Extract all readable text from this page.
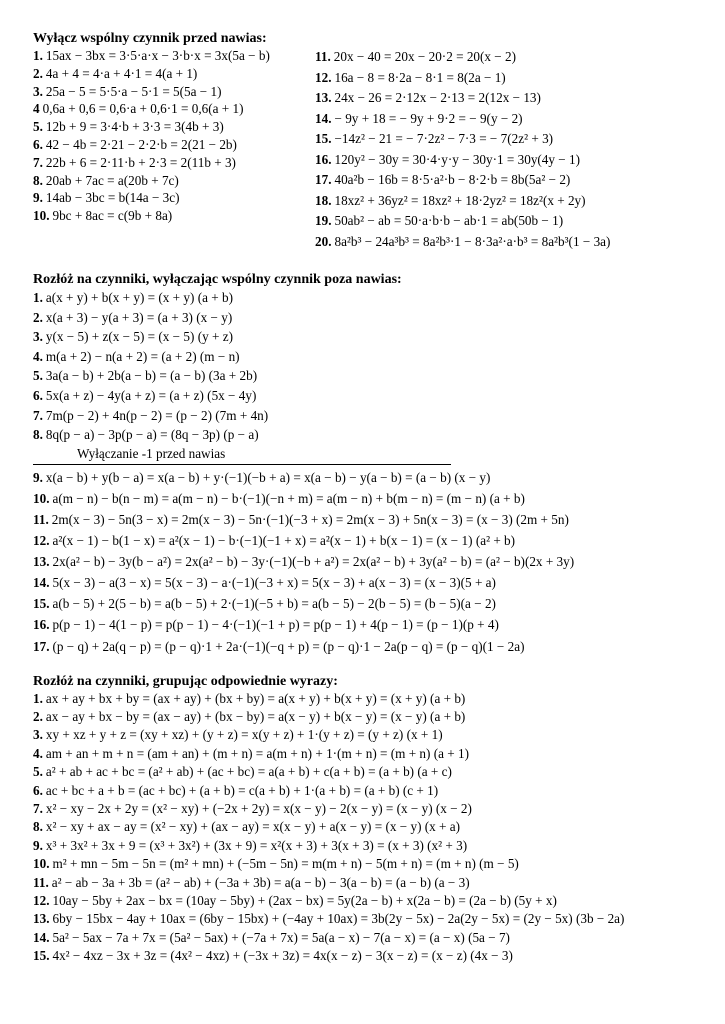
Wyłącz wspólny czynnik przed nawias:
1. 15ax − 3bx = 3·5·a·x − 3·b·x = 3x(5a − b)
2. 4a + 4 = 4·a + 4·1 = 4(a + 1)
3. 25a − 5 = 5·5·a − 5·1 = 5(5a − 1)
4 0,6a + 0,6 = 0,6·a + 0,6·1 = 0,6(a + 1)
5. 12b + 9 = 3·4·b + 3·3 = 3(4b + 3)
6. 42 − 4b = 2·21 − 2·2·b = 2(21 − 2b)
7. 22b + 6 = 2·11·b + 2·3 = 2(11b + 3)
8. 20ab + 7ac = a(20b + 7c)
9. 14ab − 3bc = b(14a − 3c)
10. 9bc + 8ac = c(9b + 8a)
11. 20x − 40 = 20x − 20·2 = 20(x − 2)
12. 16a − 8 = 8·2a − 8·1 = 8(2a − 1)
13. 24x − 26 = 2·12x − 2·13 = 2(12x − 13)
14. − 9y + 18 = − 9y + 9·2 = − 9(y − 2)
15. −14z² − 21 = − 7·2z² − 7·3 = − 7(2z² + 3)
16. 120y² − 30y = 30·4·y·y − 30y·1 = 30y(4y − 1)
17. 40a²b − 16b = 8·5·a²·b − 8·2·b = 8b(5a² − 2)
18. 18xz² + 36yz² = 18xz² + 18·2yz² = 18z²(x + 2y)
19. 50ab² − ab = 50·a·b·b − ab·1 = ab(50b − 1)
20. 8a²b³ − 24a³b³ = 8a²b³·1 − 8·3a²·a·b³ = 8a²b³(1 − 3a)
Rozłóż na czynniki, wyłączając wspólny czynnik poza nawias:
1. a(x + y) + b(x + y) = (x + y) (a + b)
2. x(a + 3) − y(a + 3) = (a + 3) (x − y)
3. y(x − 5) + z(x − 5) = (x − 5) (y + z)
4. m(a + 2) − n(a + 2) = (a + 2) (m − n)
5. 3a(a − b) + 2b(a − b) = (a − b) (3a + 2b)
6. 5x(a + z) − 4y(a + z) = (a + z) (5x − 4y)
7. 7m(p − 2) + 4n(p − 2) = (p − 2) (7m + 4n)
8. 8q(p − a) − 3p(p − a) = (8q − 3p) (p − a)
Wyłączanie -1 przed nawias
9. x(a − b) + y(b − a) = x(a − b) + y·(−1)(−b + a) = x(a − b) − y(a − b) = (a − b) (x − y)
10. a(m − n) − b(n − m) = a(m − n) − b·(−1)(−n + m) = a(m − n) + b(m − n) = (m − n) (a + b)
11. 2m(x − 3) − 5n(3 − x) = 2m(x − 3) − 5n·(−1)(−3 + x) = 2m(x − 3) + 5n(x − 3) = (x − 3) (2m + 5n)
12. a²(x − 1) − b(1 − x) = a²(x − 1) − b·(−1)(−1 + x) = a²(x − 1) + b(x − 1) = (x − 1) (a² + b)
13. 2x(a² − b) − 3y(b − a²) = 2x(a² − b) − 3y·(−1)(−b + a²) = 2x(a² − b) + 3y(a² − b) = (a² − b)(2x + 3y)
14. 5(x − 3) − a(3 − x) = 5(x − 3) − a·(−1)(−3 + x) = 5(x − 3) + a(x − 3) = (x − 3)(5 + a)
15. a(b − 5) + 2(5 − b) = a(b − 5) + 2·(−1)(−5 + b) = a(b − 5) − 2(b − 5) = (b − 5)(a − 2)
16. p(p − 1) − 4(1 − p) = p(p − 1) − 4·(−1)(−1 + p) = p(p − 1) + 4(p − 1) = (p − 1)(p + 4)
17. (p − q) + 2a(q − p) = (p − q)·1 + 2a·(−1)(−q + p) = (p − q)·1 − 2a(p − q) = (p − q)(1 − 2a)
Rozłóż na czynniki, grupując odpowiednie wyrazy:
1. ax + ay + bx + by = (ax + ay) + (bx + by) = a(x + y) + b(x + y) = (x + y) (a + b)
2. ax − ay + bx − by = (ax − ay) + (bx − by) = a(x − y) + b(x − y) = (x − y) (a + b)
3. xy + xz + y + z = (xy + xz) + (y + z) = x(y + z) + 1·(y + z) = (y + z) (x + 1)
4. am + an + m + n = (am + an) + (m + n) = a(m + n) + 1·(m + n) = (m + n) (a + 1)
5. a² + ab + ac + bc = (a² + ab) + (ac + bc) = a(a + b) + c(a + b) = (a + b) (a + c)
6. ac + bc + a + b = (ac + bc) + (a + b) = c(a + b) + 1·(a + b) = (a + b) (c + 1)
7. x² − xy − 2x + 2y = (x² − xy) + (−2x + 2y) = x(x − y) − 2(x − y) = (x − y) (x − 2)
8. x² − xy + ax − ay = (x² − xy) + (ax − ay) = x(x − y) + a(x − y) = (x − y) (x + a)
9. x³ + 3x² + 3x + 9 = (x³ + 3x²) + (3x + 9) = x²(x + 3) + 3(x + 3) = (x + 3) (x² + 3)
10. m² + mn − 5m − 5n = (m² + mn) + (−5m − 5n) = m(m + n) − 5(m + n) = (m + n) (m − 5)
11. a² − ab − 3a + 3b = (a² − ab) + (−3a + 3b) = a(a − b) − 3(a − b) = (a − b) (a − 3)
12. 10ay − 5by + 2ax − bx = (10ay − 5by) + (2ax − bx) = 5y(2a − b) + x(2a − b) = (2a − b) (5y + x)
13. 6by − 15bx − 4ay + 10ax = (6by − 15bx) + (−4ay + 10ax) = 3b(2y − 5x) − 2a(2y − 5x) = (2y − 5x) (3b − 2a)
14. 5a² − 5ax − 7a + 7x = (5a² − 5ax) + (−7a + 7x) = 5a(a − x) − 7(a − x) = (a − x) (5a − 7)
15. 4x² − 4xz − 3x + 3z = (4x² − 4xz) + (−3x + 3z) = 4x(x − z) − 3(x − z) = (x − z) (4x − 3)
